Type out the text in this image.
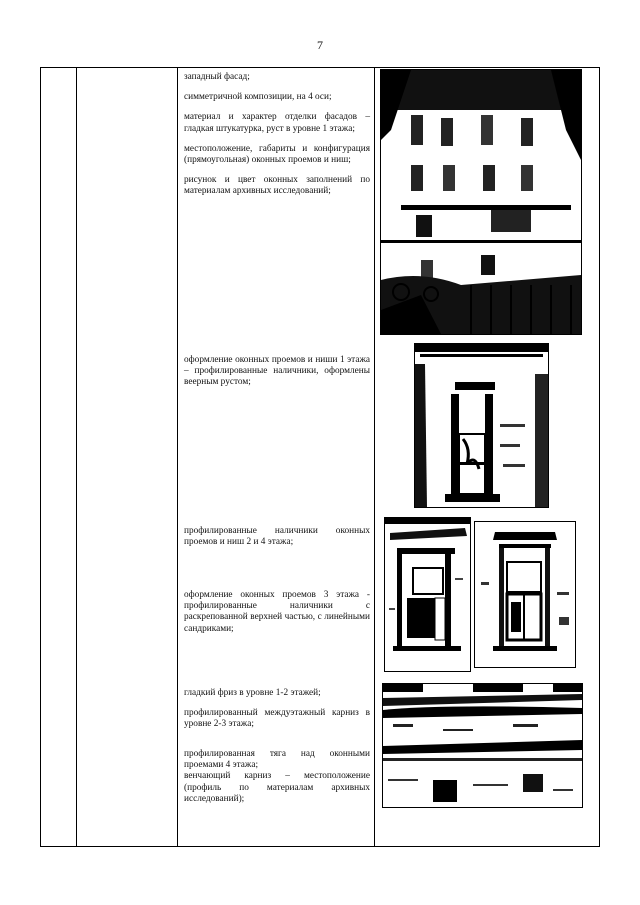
7

западный фасад;

симметричной композиции, на 4 оси;

материал и характер отделки фасадов – гладкая штукатурка, руст в уровне 1 этажа;

местоположение, габариты и конфигурация (прямоугольная) оконных проемов и ниш;

рисунок и цвет оконных заполнений по материалам архивных исследований;

оформление оконных проемов и ниши 1 этажа – профилированные наличники, оформлены веерным рустом;

профилированные наличники оконных проемов и ниш 2 и 4 этажа;

оформление оконных проемов 3 этажа - профилированные наличники с раскрепованной верхней частью, с линейными сандриками;

гладкий фриз в уровне 1-2 этажей;

профилированный междуэтажный карниз в уровне 2-3 этажа;

профилированная тяга над оконными проемами 4 этажа;

венчающий карниз – местоположение (профиль по материалам архивных исследований);
